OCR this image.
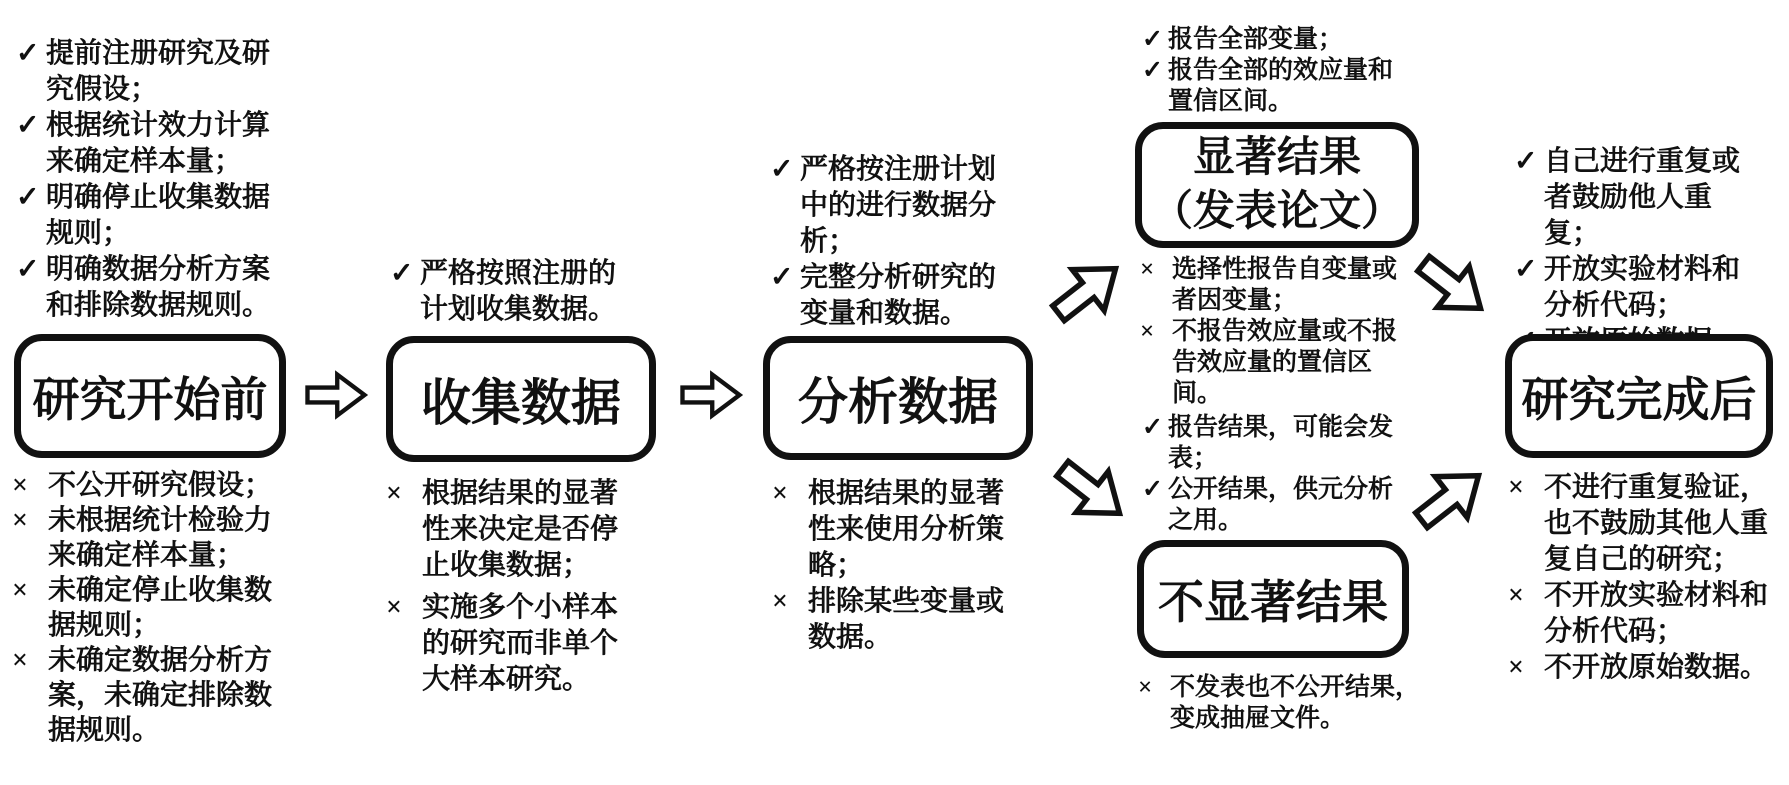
✓ 提前注册研究及研究假设；
✓ 根据统计效力计算来确定样本量；
✓ 明确停止收集数据规则；
✓ 明确数据分析方案和排除数据规则。
研究开始前
× 不公开研究假设；
× 未根据统计检验力来确定样本量；
× 未确定停止收集数据规则；
× 未确定数据分析方案，未确定排除数据规则。
✓ 严格按照注册的计划收集数据。
收集数据
× 根据结果的显著性来决定是否停止收集数据；
× 实施多个小样本的研究而非单个大样本研究。
✓ 严格按注册计划中的进行数据分析；
✓ 完整分析研究的变量和数据。
分析数据
× 根据结果的显著性来使用分析策略；
× 排除某些变量或数据。
✓ 报告全部变量；
✓ 报告全部的效应量和置信区间。
显著结果
（发表论文）
× 选择性报告自变量或者因变量；
× 不报告效应量或不报告效应量的置信区间。
✓ 报告结果，可能会发表；
✓ 公开结果，供元分析之用。
不显著结果
× 不发表也不公开结果，变成抽屉文件。
✓ 自己进行重复或者鼓励他人重复；
✓ 开放实验材料和分析代码；
研究完成后
× 不进行重复验证，也不鼓励其他人重复自己的研究；
× 不开放实验材料和分析代码；
× 不开放原始数据。
